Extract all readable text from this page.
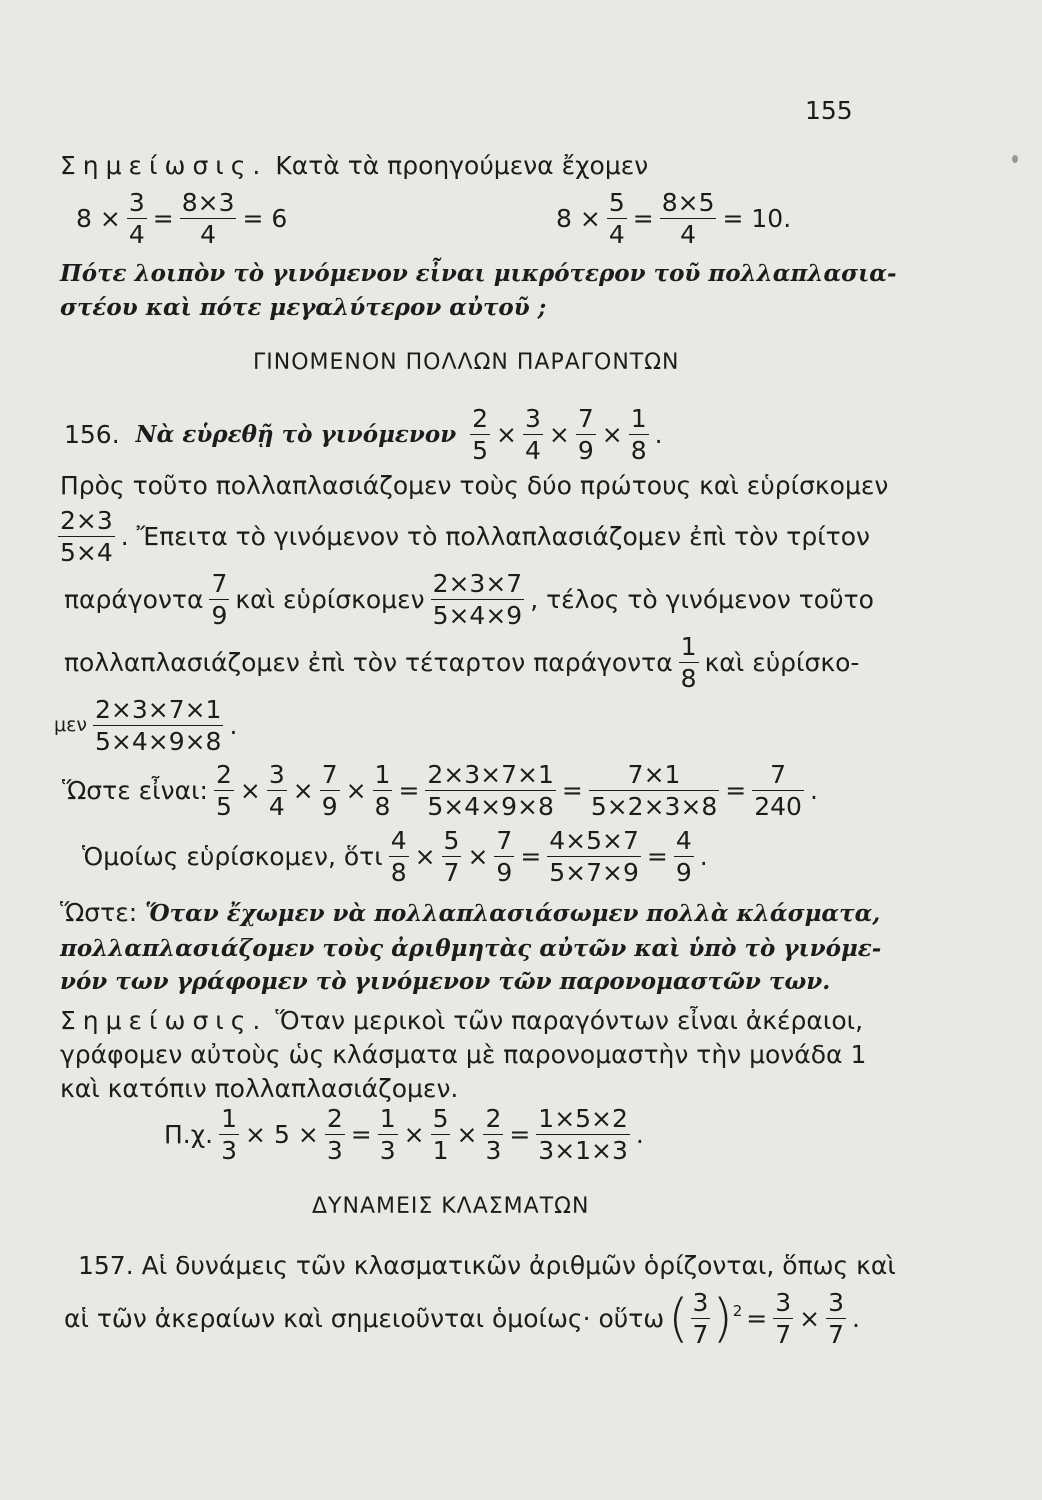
155
Σημείωσις. Κατὰ τὰ προηγούμενα ἔχομεν
$8 \times \frac{3}{4} = \frac{8\times 3}{4} = 6$	$8 \times \frac{5}{4} = \frac{8\times 5}{4} = 10$.
Πότε λοιπὸν τὸ γινόμενον εἶναι μικρότερον τοῦ πολλαπλασια-
στέου καὶ πότε μεγαλύτερον αὐτοῦ ;
ΓΙΝΟΜΕΝΟΝ ΠΟΛΛΩΝ ΠΑΡΑΓΟΝΤΩΝ
156. Νὰ εὑρεθῇ τὸ γινόμενον $\frac{2}{5} \times \frac{3}{4} \times \frac{7}{9} \times \frac{1}{8}$ .
Πρὸς τοῦτο πολλαπλασιάζομεν τοὺς δύο πρώτους καὶ εὑρίσκομεν
$\frac{2\times 3}{5\times 4}$ . Ἔπειτα τὸ γινόμενον τὸ πολλαπλασιάζομεν ἐπὶ τὸν τρίτον
παράγοντα $\frac{7}{9}$ καὶ εὑρίσκομεν $\frac{2\times 3\times 7}{5\times 4\times 9}$ , τέλος τὸ γινόμενον τοῦτο
πολλαπλασιάζομεν ἐπὶ τὸν τέταρτον παράγοντα $\frac{1}{8}$ καὶ εὑρίσκο-
μεν $\frac{2\times 3\times 7\times 1}{5\times 4\times 9\times 8}$ .
Ὥστε εἶναι: $\frac{2}{5} \times \frac{3}{4} \times \frac{7}{9} \times \frac{1}{8} = \frac{2\times 3\times 7\times 1}{5\times 4\times 9\times 8} = \frac{7\times 1}{5\times 2\times 3\times 8} = \frac{7}{240}$ .
Ὁμοίως εὑρίσκομεν, ὅτι $\frac{4}{8} \times \frac{5}{7} \times \frac{7}{9} = \frac{4\times 5\times 7}{5\times 7\times 9} = \frac{4}{9}$ .
Ὥστε: Ὅταν ἔχωμεν νὰ πολλαπλασιάσωμεν πολλὰ κλάσματα,
πολλαπλασιάζομεν τοὺς ἀριθμητὰς αὐτῶν καὶ ὑπὸ τὸ γινόμε-
νόν των γράφομεν τὸ γινόμενον τῶν παρονομαστῶν των.
Σημείωσις. Ὅταν μερικοὶ τῶν παραγόντων εἶναι ἀκέραιοι,
γράφομεν αὐτοὺς ὡς κλάσματα μὲ παρονομαστὴν τὴν μονάδα 1
καὶ κατόπιν πολλαπλασιάζομεν.
Π.χ. $\frac{1}{3} \times 5 \times \frac{2}{3} = \frac{1}{3} \times \frac{5}{1} \times \frac{2}{3} = \frac{1\times 5\times 2}{3\times 1\times 3}$ .
ΔΥΝΑΜΕΙΣ ΚΛΑΣΜΑΤΩΝ
157. Αἱ δυνάμεις τῶν κλασματικῶν ἀριθμῶν ὁρίζονται, ὅπως καὶ
αἱ τῶν ἀκεραίων καὶ σημειοῦνται ὁμοίως· οὕτω( $\frac{3}{7} )^2 = \frac{3}{7} \times \frac{3}{7}$ .
